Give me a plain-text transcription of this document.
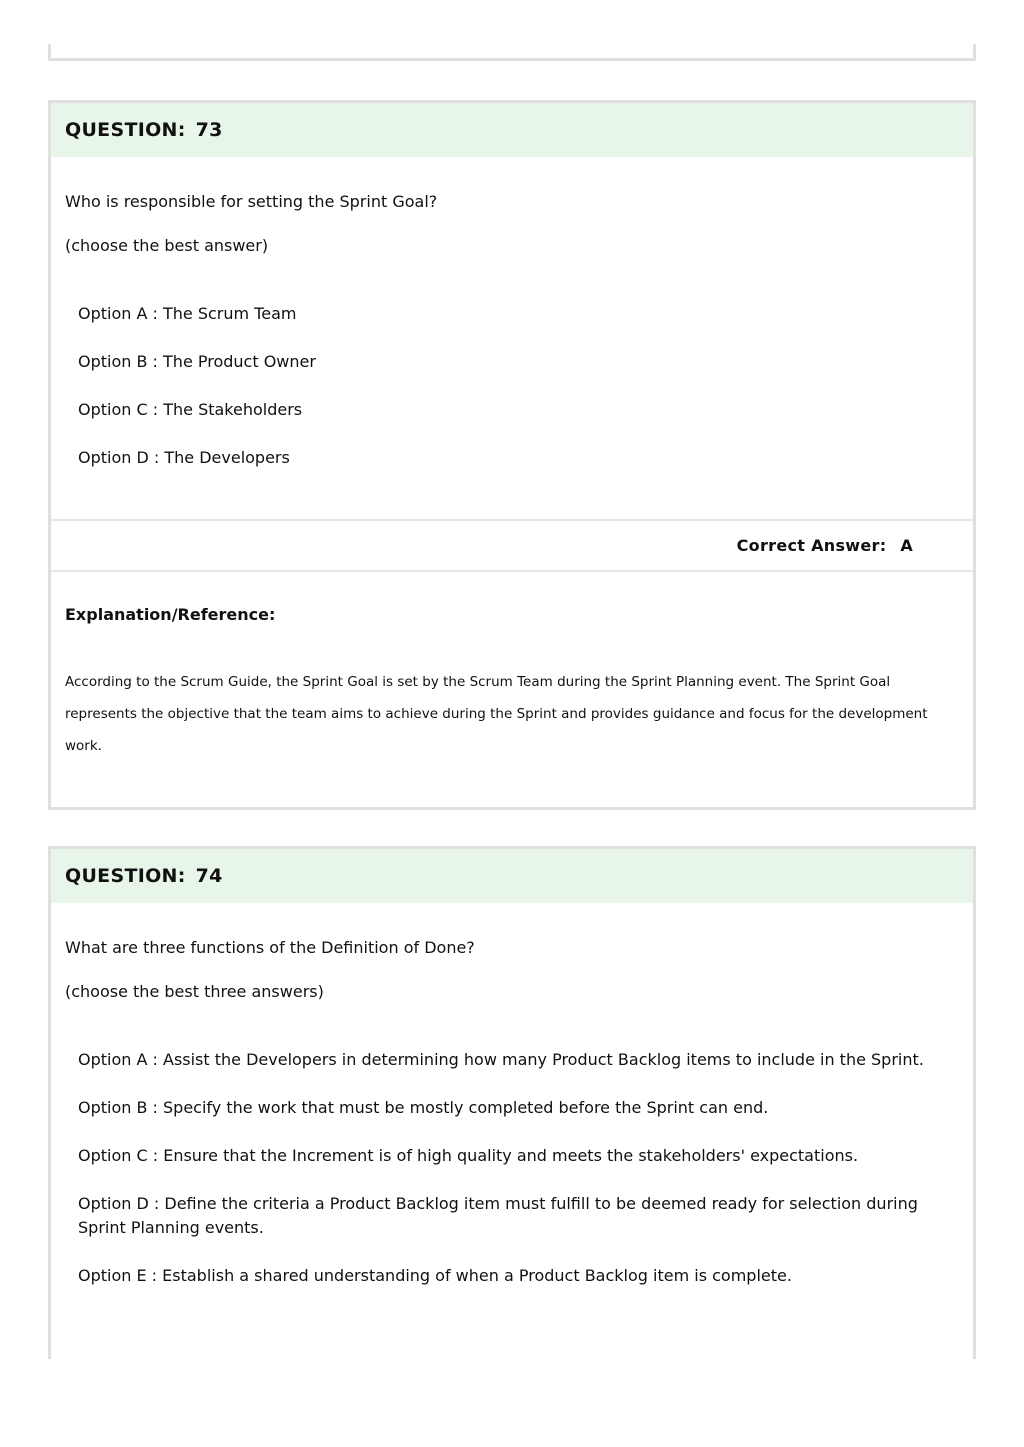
QUESTION: 73
Who is responsible for setting the Sprint Goal?
(choose the best answer)
Option A : The Scrum Team
Option B : The Product Owner
Option C : The Stakeholders
Option D : The Developers
Correct Answer: A
Explanation/Reference:
According to the Scrum Guide, the Sprint Goal is set by the Scrum Team during the Sprint Planning event. The Sprint Goal represents the objective that the team aims to achieve during the Sprint and provides guidance and focus for the development work.
QUESTION: 74
What are three functions of the Definition of Done?
(choose the best three answers)
Option A : Assist the Developers in determining how many Product Backlog items to include in the Sprint.
Option B : Specify the work that must be mostly completed before the Sprint can end.
Option C : Ensure that the Increment is of high quality and meets the stakeholders' expectations.
Option D : Define the criteria a Product Backlog item must fulfill to be deemed ready for selection during Sprint Planning events.
Option E : Establish a shared understanding of when a Product Backlog item is complete.
